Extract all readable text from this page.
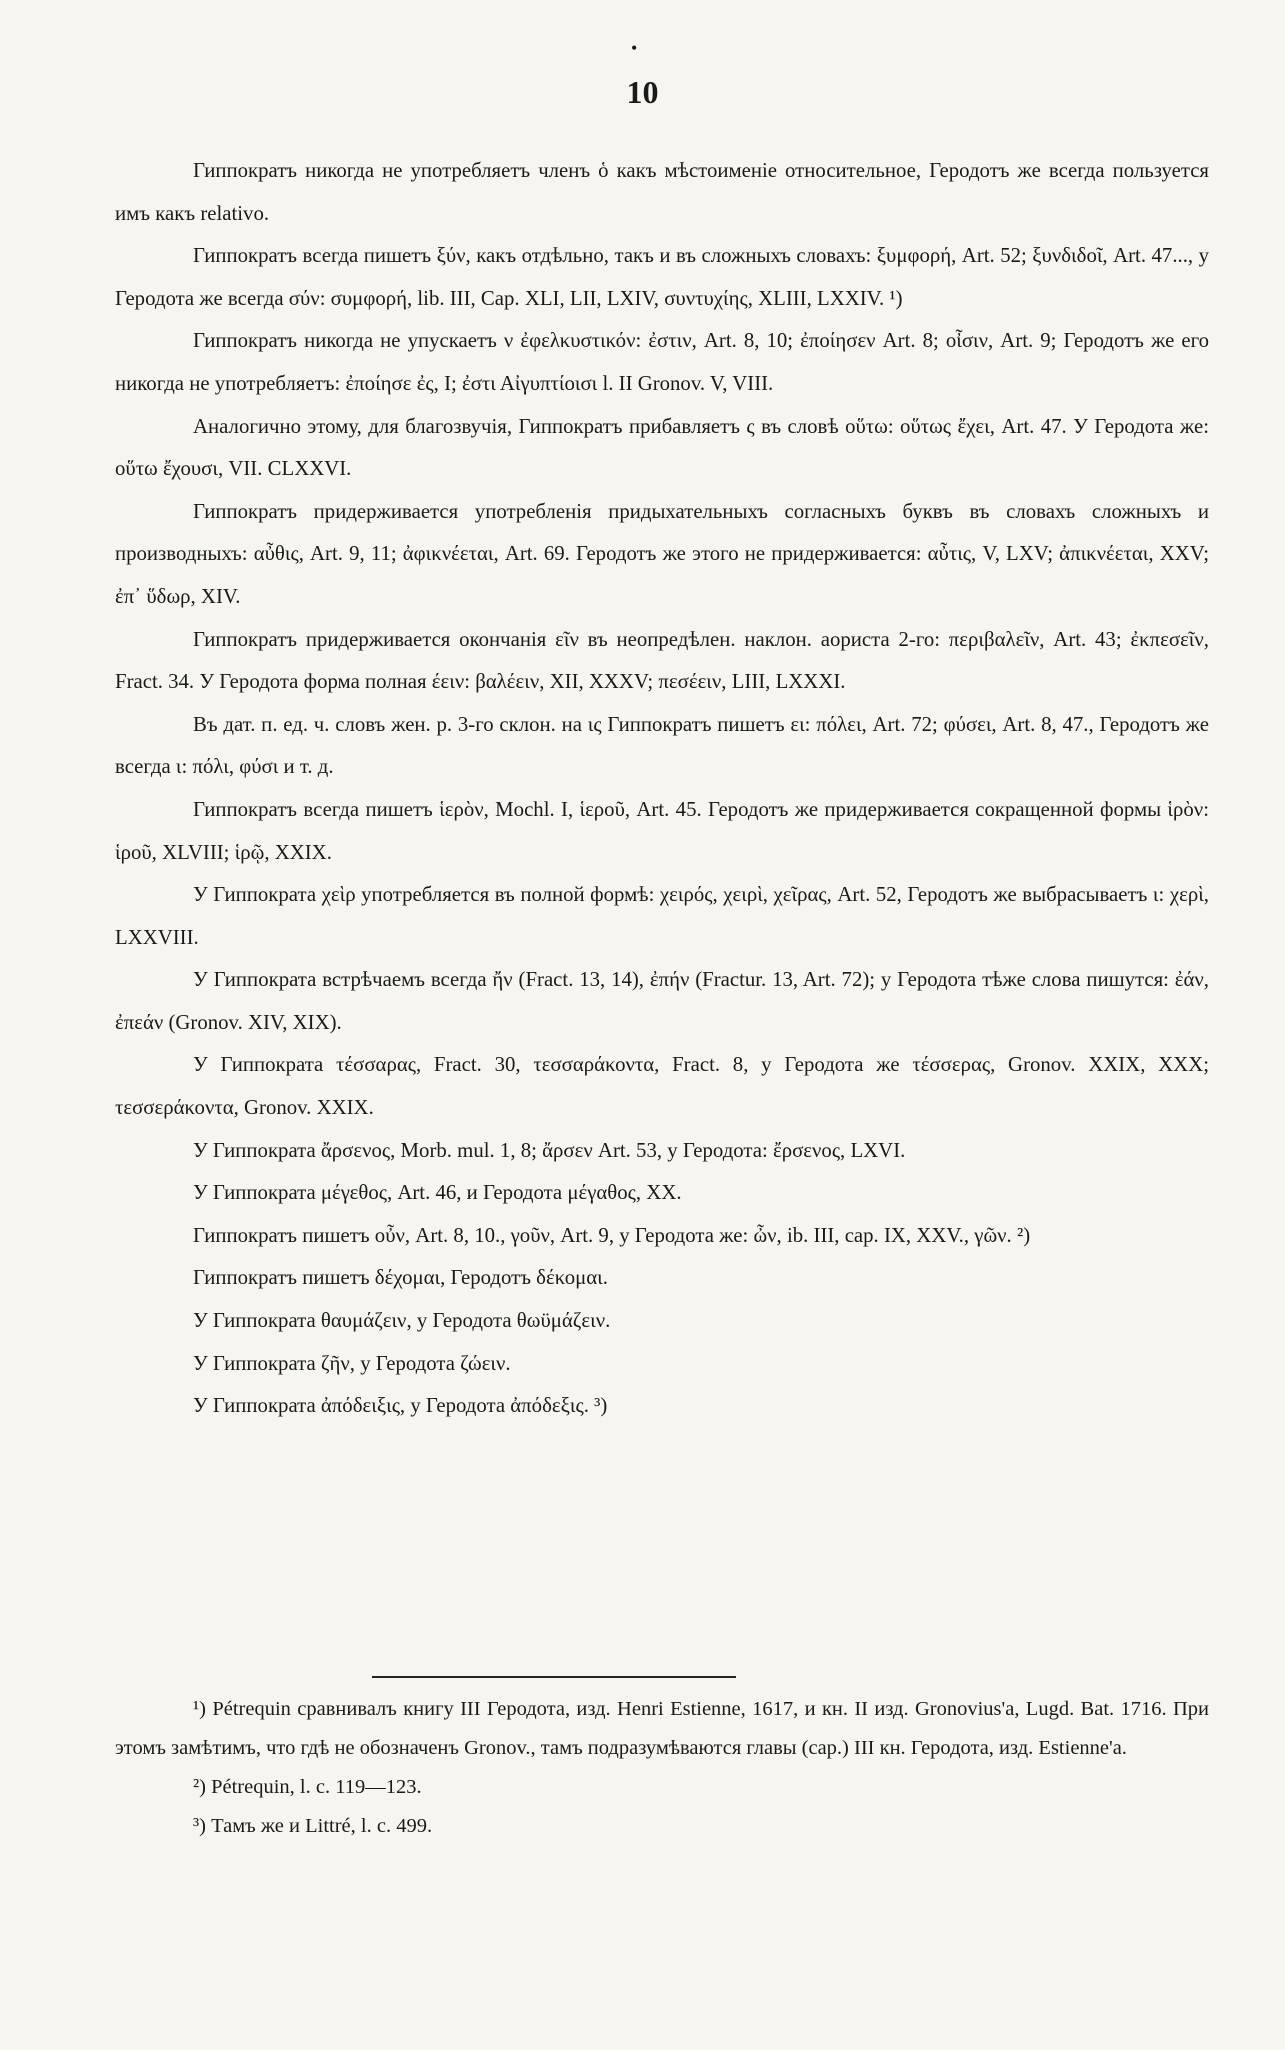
•
10

Гиппократъ никогда не употребляетъ членъ ὁ какъ мѣстоименіе относительное, Геродотъ же всегда пользуется имъ какъ relativo.

Гиппократъ всегда пишетъ ξύν, какъ отдѣльно, такъ и въ сложныхъ словахъ: ξυμφορή, Art. 52; ξυνδιδοῖ, Art. 47..., у Геродота же всегда σύν: συμφορή, lib. III, Cap. XLI, LII, LXIV, συντυχίης, XLIII, LXXIV. ¹)

Гиппократъ никогда не упускаетъ ν ἐφελκυστικόν: ἐστιν, Art. 8, 10; ἐποίησεν Art. 8; οἶσιν, Art. 9; Геродотъ же его никогда не употребляетъ: ἐποίησε ἐς, I; ἐστι Αἰγυπτίοισι l. II Gronov. V, VIII.

Аналогично этому, для благозвучія, Гиппократъ прибавляетъ ς въ словѣ οὕτω: οὕτως ἔχει, Art. 47. У Геродота же: οὕτω ἔχουσι, VII. CLXXVI.

Гиппократъ придерживается употребленія придыхательныхъ согласныхъ буквъ въ словахъ сложныхъ и производныхъ: αὖθις, Art. 9, 11; ἀφικνέεται, Art. 69. Геродотъ же этого не придерживается: αὖτις, V, LXV; ἀπικνέεται, XXV; ἐπ᾽ ὕδωρ, XIV.

Гиппократъ придерживается окончанія εῖν въ неопредѣлен. наклон. аориста 2-го: περιβαλεῖν, Art. 43; ἐκπεσεῖν, Fract. 34. У Геродота форма полная έειν: βαλέειν, XII, XXXV; πεσέειν, LIII, LXXXI.

Въ дат. п. ед. ч. словъ жен. р. 3-го склон. на ις Гиппократъ пишетъ ει: πόλει, Art. 72; φύσει, Art. 8, 47., Геродотъ же всегда ι: πόλι, φύσι и т. д.

Гиппократъ всегда пишетъ ἱερὸν, Mochl. I, ἱεροῦ, Art. 45. Геродотъ же придерживается сокращенной формы ἱρὸν: ἱροῦ, XLVIII; ἱρῷ, XXIX.

У Гиппократа χεὶρ употребляется въ полной формѣ: χειρός, χειρὶ, χεῖρας, Art. 52, Геродотъ же выбрасываетъ ι: χερὶ, LXXVIII.

У Гиппократа встрѣчаемъ всегда ἤν (Fract. 13, 14), ἐπήν (Fractur. 13, Art. 72); у Геродота тѣже слова пишутся: ἐάν, ἐπεάν (Gronov. XIV, XIX).

У Гиппократа τέσσαρας, Fract. 30, τεσσαράκοντα, Fract. 8, у Геродота же τέσσερας, Gronov. XXIX, XXX; τεσσεράκοντα, Gronov. XXIX.

У Гиппократа ἄρσενος, Morb. mul. 1, 8; ἄρσεν Art. 53, у Геродота: ἔρσενος, LXVI.

У Гиппократа μέγεθος, Art. 46, и Геродота μέγαθος, XX.

Гиппократъ пишетъ οὖν, Art. 8, 10., γοῦν, Art. 9, у Геродота же: ὦν, ib. III, cap. IX, XXV., γῶν. ²)

Гиппократъ пишетъ δέχομαι, Геродотъ δέκομαι.

У Гиппократа θαυμάζειν, у Геродота θωϋμάζειν.

У Гиппократа ζῆν, у Геродота ζώειν.

У Гиппократа ἀπόδειξις, у Геродота ἀπόδεξις. ³)

¹) Pétrequin сравнивалъ книгу III Геродота, изд. Henri Estienne, 1617, и кн. II изд. Gronovius'а, Lugd. Bat. 1716. При этомъ замѣтимъ, что гдѣ не обозначенъ Gronov., тамъ подразумѣваются главы (cap.) III кн. Геродота, изд. Estienne'а.

²) Pétrequin, l. c. 119—123.

³) Тамъ же и Littré, l. c. 499.
